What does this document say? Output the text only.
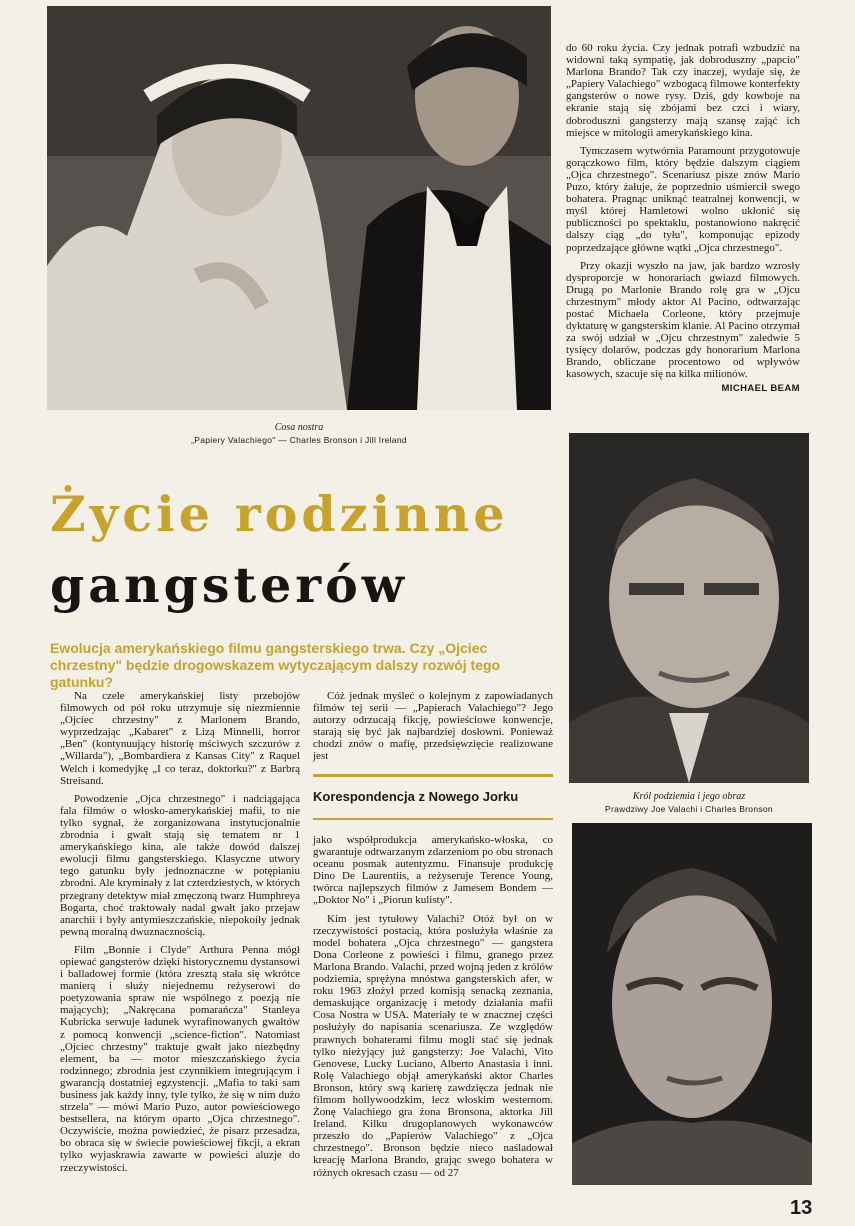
Cosa nostra
„Papiery Valachiego" — Charles Bronson i Jill Ireland

do 60 roku życia. Czy jednak potrafi wzbudzić na widowni taką sympatię, jak dobroduszny „papcio" Marlona Brando? Tak czy inaczej, wydaje się, że „Papiery Valachiego" wzbogacą filmowe konterfekty gangsterów o nowe rysy. Dziś, gdy kowboje na ekranie stają się zbójami bez czci i wiary, dobroduszni gangsterzy mają szansę zająć ich miejsce w mitologii amerykańskiego kina.

Tymczasem wytwórnia Paramount przygotowuje gorączkowo film, który będzie dalszym ciągiem „Ojca chrzestnego". Scenariusz pisze znów Mario Puzo, który żałuje, że poprzednio uśmiercił swego bohatera. Pragnąc uniknąć teatralnej konwencji, w myśl której Hamletowi wolno ukłonić się publiczności po spektaklu, postanowiono nakręcić dalszy ciąg „do tyłu", komponując epizody poprzedzające główne wątki „Ojca chrzestnego".

Przy okazji wyszło na jaw, jak bardzo wzrosły dysproporcje w honorariach gwiazd filmowych. Drugą po Marlonie Brando rolę gra w „Ojcu chrzestnym" młody aktor Al Pacino, odtwarzając postać Michaela Corleone, który przejmuje dyktaturę w gangsterskim klanie. Al Pacino otrzymał za swój udział w „Ojcu chrzestnym" zaledwie 5 tysięcy dolarów, podczas gdy honorarium Marlona Brando, obliczane procentowo od wpływów kasowych, szacuje się na kilka milionów.

MICHAEL BEAM
Życie rodzinne
gangsterów
Ewolucja amerykańskiego filmu gangsterskiego trwa. Czy „Ojciec chrzestny" będzie drogowskazem wytyczającym dalszy rozwój tego gatunku?

Na czele amerykańskiej listy przebojów filmowych od pół roku utrzymuje się niezmiennie „Ojciec chrzestny" z Marlonem Brando, wyprzedzając „Kabaret" z Lizą Minnelli, horror „Ben" (kontynuujący historię mściwych szczurów z „Willarda"), „Bombardiera z Kansas City" z Raquel Welch i komedyjkę „I co teraz, doktorku?" z Barbrą Streisand.

Powodzenie „Ojca chrzestnego" i nadciągająca fala filmów o włosko-amerykańskiej mafii, to nie tylko sygnał, że zorganizowana instytucjonalnie zbrodnia i gwałt stają się tematem nr 1 amerykańskiego kina, ale także dowód dalszej ewolucji filmu gangsterskiego. Klasyczne utwory tego gatunku były jednoznaczne w potępianiu zbrodni. Ale kryminały z lat czterdziestych, w których przegrany detektyw miał zmęczoną twarz Humphreya Bogarta, choć traktowały nadal gwałt jako przejaw anarchii i były antymieszczańskie, niepokoiły jednak pewną moralną dwuznacznością.

Film „Bonnie i Clyde" Arthura Penna mógł opiewać gangsterów dzięki historycznemu dystansowi i balladowej formie (która zresztą stała się wkrótce manierą i służy niejednemu reżyserowi do poetyzowania spraw nie wspólnego z poezją nie mających); „Nakręcana pomarańcza" Stanleya Kubricka serwuje ładunek wyrafinowanych gwałtów z pomocą konwencji „science-fiction". Natomiast „Ojciec chrzestny" traktuje gwałt jako niezbędny element, ba — motor mieszczańskiego życia rodzinnego; zbrodnia jest czynnikiem integrującym i gwarancją dostatniej egzystencji. „Mafia to taki sam business jak każdy inny, tyle tylko, że się w nim dużo strzela" — mówi Mario Puzo, autor powieściowego bestsellera, na którym oparto „Ojca chrzestnego". Oczywiście, można powiedzieć, że pisarz przesadza, bo obraca się w świecie powieściowej fikcji, a ekran tylko wyjaskrawia zawarte w powieści aluzje do rzeczywistości.

Cóż jednak myśleć o kolejnym z zapowiadanych filmów tej serii — „Papierach Valachiego"? Jego autorzy odrzucają fikcję, powieściowe konwencje, starają się być jak najbardziej dosłowni. Ponieważ chodzi znów o mafię, przedsięwzięcie realizowane jest

Korespondencja z Nowego Jorku

jako współprodukcja amerykańsko-włoska, co gwarantuje odtwarzanym zdarzeniom po obu stronach oceanu posmak autentyzmu. Finansuje produkcję Dino De Laurentiis, a reżyseruje Terence Young, twórca najlepszych filmów z Jamesem Bondem — „Doktor No" i „Piorun kulisty".

Kim jest tytułowy Valachi? Otóż był on w rzeczywistości postacią, która posłużyła właśnie za model bohatera „Ojca chrzestnego" — gangstera Dona Corleone z powieści i filmu, granego przez Marlona Brando. Valachi, przed wojną jeden z królów podziemia, sprężyna mnóstwa gangsterskich afer, w roku 1963 złożył przed komisją senacką zeznania, demaskujące organizację i metody działania mafii Cosa Nostra w USA. Materiały te w znacznej części posłużyły do napisania scenariusza. Ze względów prawnych bohaterami filmu mogli stać się jednak tylko nieżyjący już gangsterzy: Joe Valachi, Vito Genovese, Lucky Luciano, Alberto Anastasia i inni. Rolę Valachiego objął amerykański aktor Charles Bronson, który swą karierę zawdzięcza jednak nie filmom hollywoodzkim, lecz włoskim westernom. Żonę Valachiego gra żona Bronsona, aktorka Jill Ireland. Kilku drugoplanowych wykonawców przeszło do „Papierów Valachiego" z „Ojca chrzestnego". Bronson będzie nieco naśladował kreację Marlona Brando, grając swego bohatera w różnych okresach czasu — od 27

Król podziemia i jego obraz
Prawdziwy Joe Valachi i Charles Bronson
13
